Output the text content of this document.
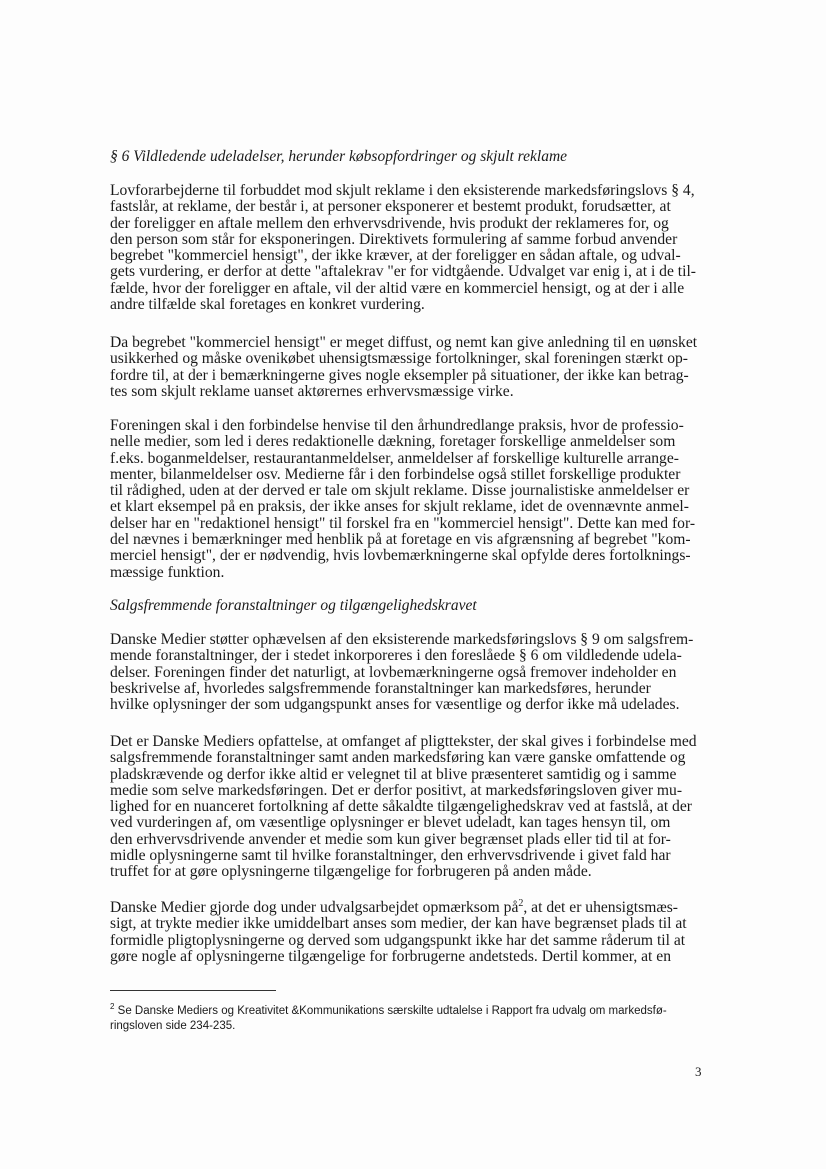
§ 6 Vildledende udeladelser, herunder købsopfordringer og skjult reklame

Lovforarbejderne til forbuddet mod skjult reklame i den eksisterende markedsføringslovs § 4,
fastslår, at reklame, der består i, at personer eksponerer et bestemt produkt, forudsætter, at
der foreligger en aftale mellem den erhvervsdrivende, hvis produkt der reklameres for, og
den person som står for eksponeringen. Direktivets formulering af samme forbud anvender
begrebet "kommerciel hensigt", der ikke kræver, at der foreligger en sådan aftale, og udval-
gets vurdering, er derfor at dette "aftalekrav "er for vidtgående. Udvalget var enig i, at i de til-
fælde, hvor der foreligger en aftale, vil der altid være en kommerciel hensigt, og at der i alle
andre tilfælde skal foretages en konkret vurdering.

Da begrebet "kommerciel hensigt" er meget diffust, og nemt kan give anledning til en uønsket
usikkerhed og måske ovenikøbet uhensigtsmæssige fortolkninger, skal foreningen stærkt op-
fordre til, at der i bemærkningerne gives nogle eksempler på situationer, der ikke kan betrag-
tes som skjult reklame uanset aktørernes erhvervsmæssige virke.

Foreningen skal i den forbindelse henvise til den århundredlange praksis, hvor de professio-
nelle medier, som led i deres redaktionelle dækning, foretager forskellige anmeldelser som
f.eks. boganmeldelser, restaurantanmeldelser, anmeldelser af forskellige kulturelle arrange-
menter, bilanmeldelser osv. Medierne får i den forbindelse også stillet forskellige produkter
til rådighed, uden at der derved er tale om skjult reklame. Disse journalistiske anmeldelser er
et klart eksempel på en praksis, der ikke anses for skjult reklame, idet de ovennævnte anmel-
delser har en "redaktionel hensigt" til forskel fra en "kommerciel hensigt". Dette kan med for-
del nævnes i bemærkninger med henblik på at foretage en vis afgrænsning af begrebet "kom-
merciel hensigt", der er nødvendig, hvis lovbemærkningerne skal opfylde deres fortolknings-
mæssige funktion.

Salgsfremmende foranstaltninger og tilgængelighedskravet

Danske Medier støtter ophævelsen af den eksisterende markedsføringslovs § 9 om salgsfrem-
mende foranstaltninger, der i stedet inkorporeres i den foreslåede § 6 om vildledende udela-
delser. Foreningen finder det naturligt, at lovbemærkningerne også fremover indeholder en
beskrivelse af, hvorledes salgsfremmende foranstaltninger kan markedsføres, herunder
hvilke oplysninger der som udgangspunkt anses for væsentlige og derfor ikke må udelades.

Det er Danske Mediers opfattelse, at omfanget af pligttekster, der skal gives i forbindelse med
salgsfremmende foranstaltninger samt anden markedsføring kan være ganske omfattende og
pladskrævende og derfor ikke altid er velegnet til at blive præsenteret samtidig og i samme
medie som selve markedsføringen. Det er derfor positivt, at markedsføringsloven giver mu-
lighed for en nuanceret fortolkning af dette såkaldte tilgængelighedskrav ved at fastslå, at der
ved vurderingen af, om væsentlige oplysninger er blevet udeladt, kan tages hensyn til, om
den erhvervsdrivende anvender et medie som kun giver begrænset plads eller tid til at for-
midle oplysningerne samt til hvilke foranstaltninger, den erhvervsdrivende i givet fald har
truffet for at gøre oplysningerne tilgængelige for forbrugeren på anden måde.

Danske Medier gjorde dog under udvalgsarbejdet opmærksom på$^2$, at det er uhensigtsmæs-
sigt, at trykte medier ikke umiddelbart anses som medier, der kan have begrænset plads til at
formidle pligtoplysningerne og derved som udgangspunkt ikke har det samme råderum til at
gøre nogle af oplysningerne tilgængelige for forbrugerne andetsteds. Dertil kommer, at en

$^2$ Se Danske Mediers og Kreativitet &Kommunikations særskilte udtalelse i Rapport fra udvalg om markedsfø-
ringsloven side 234-235.

3
